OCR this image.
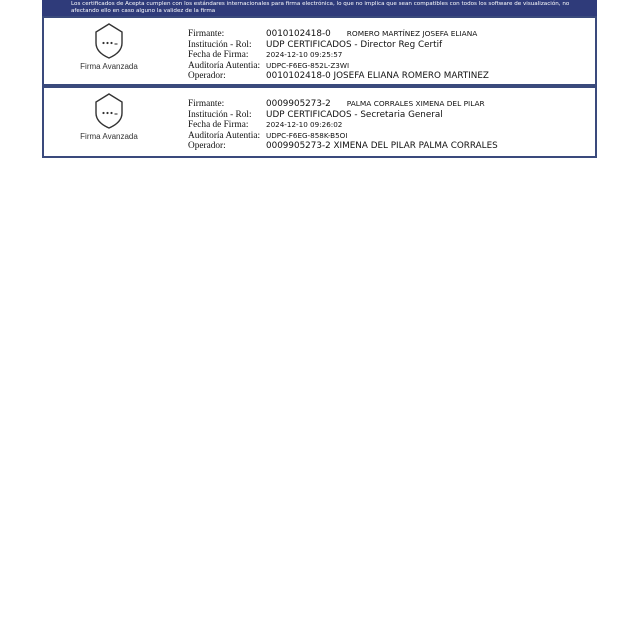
Los certificados de Acepta cumplen con los estándares internacionales para firma electrónica, lo que no implica que sean compatibles con todos los software de visualización, no afectando ello en caso alguno la validez de la firma

Firma Avanzada
Firmante:	0010102418-0 ROMERO MARTÍNEZ JOSEFA ELIANA
Institución - Rol:	UDP CERTIFICADOS - Director Reg Certif
Fecha de Firma:	2024-12-10 09:25:57
Auditoría Autentia: UDPC-F6EG-852L-Z3WI
Operador:	0010102418-0 JOSEFA ELIANA ROMERO MARTINEZ
Firma Avanzada
Firmante:	0009905273-2 PALMA CORRALES XIMENA DEL PILAR
Institución - Rol:	UDP CERTIFICADOS - Secretaria General
Fecha de Firma:	2024-12-10 09:26:02
Auditoría Autentia: UDPC-F6EG-858K-B5OI
Operador:	0009905273-2 XIMENA DEL PILAR PALMA CORRALES
